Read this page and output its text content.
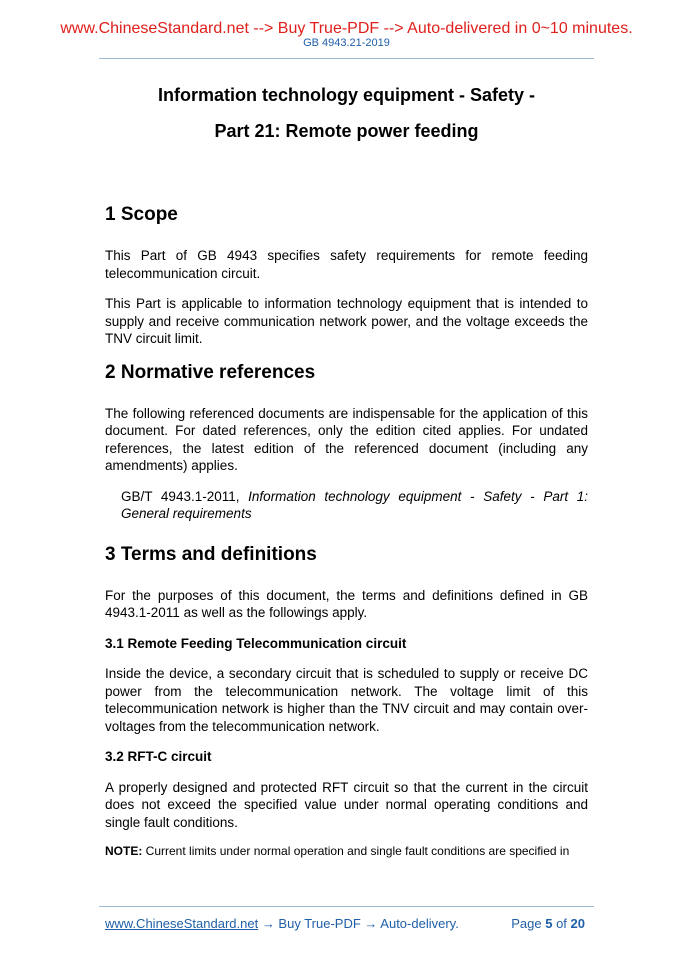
www.ChineseStandard.net --> Buy True-PDF --> Auto-delivered in 0~10 minutes.
GB 4943.21-2019
Information technology equipment - Safety -
Part 21: Remote power feeding
1 Scope

This Part of GB 4943 specifies safety requirements for remote feeding telecommunication circuit.

This Part is applicable to information technology equipment that is intended to supply and receive communication network power, and the voltage exceeds the TNV circuit limit.

2 Normative references

The following referenced documents are indispensable for the application of this document. For dated references, only the edition cited applies. For undated references, the latest edition of the referenced document (including any amendments) applies.

GB/T 4943.1-2011, Information technology equipment - Safety - Part 1: General requirements

3 Terms and definitions

For the purposes of this document, the terms and definitions defined in GB 4943.1-2011 as well as the followings apply.

3.1 Remote Feeding Telecommunication circuit

Inside the device, a secondary circuit that is scheduled to supply or receive DC power from the telecommunication network. The voltage limit of this telecommunication network is higher than the TNV circuit and may contain over-voltages from the telecommunication network.

3.2 RFT-C circuit

A properly designed and protected RFT circuit so that the current in the circuit does not exceed the specified value under normal operating conditions and single fault conditions.

NOTE: Current limits under normal operation and single fault conditions are specified in

www.ChineseStandard.net → Buy True-PDF → Auto-delivery.	Page 5 of 20
